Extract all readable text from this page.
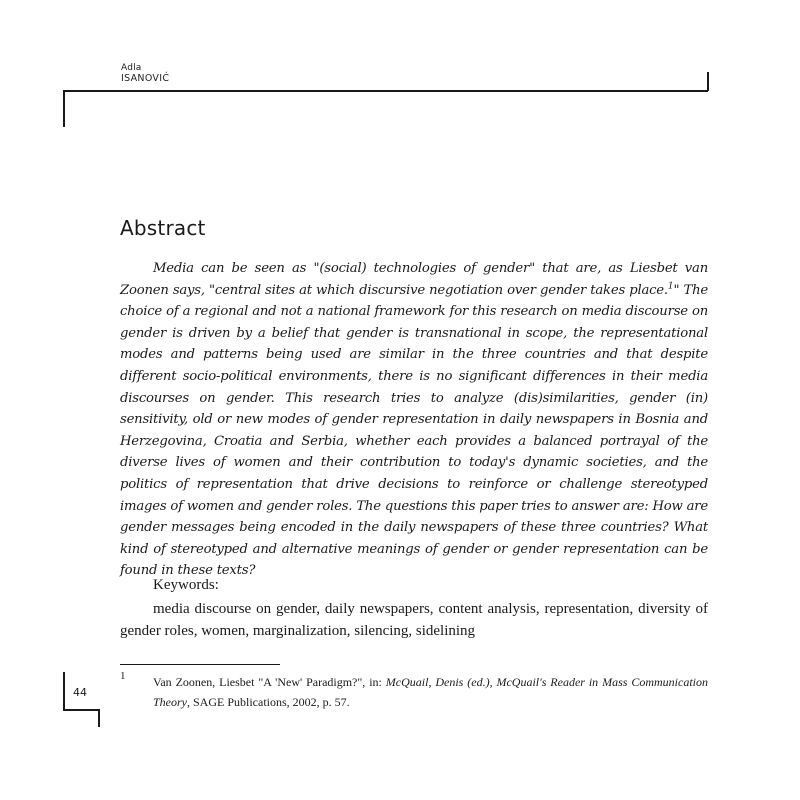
Adla
ISANOVIĆ
Abstract

Media can be seen as "(social) technologies of gender" that are, as Liesbet van Zoonen says, "central sites at which discursive negotiation over gender takes place.$^1$" The choice of a regional and not a national framework for this research on media discourse on gender is driven by a belief that gender is transnational in scope, the representational modes and patterns being used are similar in the three countries and that despite different socio-political environments, there is no significant differences in their media discourses on gender. This research tries to analyze (dis)similarities, gender (in) sensitivity, old or new modes of gender representation in daily newspapers in Bosnia and Herzegovina, Croatia and Serbia, whether each provides a balanced portrayal of the diverse lives of women and their contribution to today's dynamic societies, and the politics of representation that drive decisions to reinforce or challenge stereotyped images of women and gender roles. The questions this paper tries to answer are: How are gender messages being encoded in the daily newspapers of these three countries? What kind of stereotyped and alternative meanings of gender or gender representation can be found in these texts?

Keywords:

media discourse on gender, daily newspapers, content analysis, representation, diversity of gender roles, women, marginalization, silencing, sidelining

1 Van Zoonen, Liesbet "A 'New' Paradigm?", in: McQuail, Denis (ed.), McQuail's Reader in Mass Communication Theory, SAGE Publications, 2002, p. 57.

44
